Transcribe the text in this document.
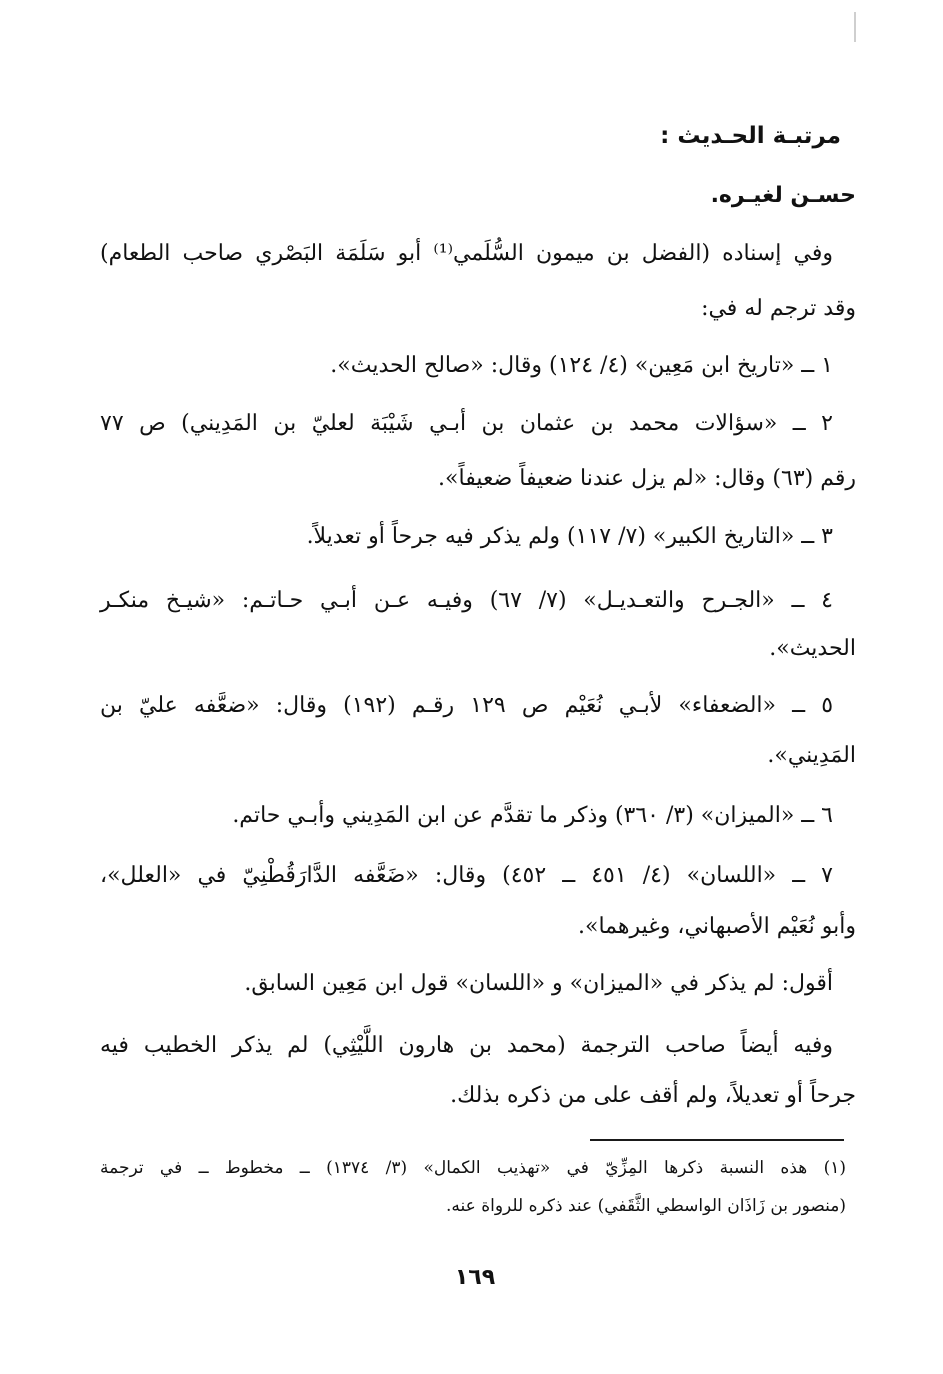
مرتبـة الحـديث :
حسـن لغيـره.
وفي إسناده (الفضل بن ميمون السُّلَمي⁽¹⁾ أبو سَلَمَة البَصْري صاحب الطعام)
وقد ترجم له في:
١ ــ «تاريخ ابن مَعِين» (٤/ ١٢٤) وقال: «صالح الحديث».
٢ ــ «سؤالات محمد بن عثمان بن أبـي شَيْبَة لعليّ بن المَدِيني) ص ٧٧
رقم (٦٣) وقال: «لم يزل عندنا ضعيفاً ضعيفاً».
٣ ــ «التاريخ الكبير» (٧/ ١١٧) ولم يذكر فيه جرحاً أو تعديلاً.
٤ ــ «الجـرح والتعـديـل» (٧/ ٦٧) وفيـه عـن أبـي حـاتـم: «شيـخ منكـر
الحديث».
٥ ــ «الضعفاء» لأبـي نُعَيْم ص ١٢٩ رقـم (١٩٢) وقال: «ضعَّفه عليّ بن
المَدِيني».
٦ ــ «الميزان» (٣/ ٣٦٠) وذكر ما تقدَّم عن ابن المَدِيني وأبـي حاتم.
٧ ــ «اللسان» (٤/ ٤٥١ ــ ٤٥٢) وقال: «ضَعَّفه الدَّارَقُطْنِيّ في «العلل»،
وأبو نُعَيْم الأصبهاني، وغيرهما».
أقول: لم يذكر في «الميزان» و «اللسان» قول ابن مَعِين السابق.
وفيه أيضاً صاحب الترجمة (محمد بن هارون اللَّيْثِي) لم يذكر الخطيب فيه
جرحاً أو تعديلاً، ولم أقف على من ذكره بذلك.
(١) هذه النسبة ذكرها المِزِّيّ في «تهذيب الكمال» (٣/ ١٣٧٤) ــ مخطوط ــ في ترجمة
(منصور بن زَاذَان الواسطي الثَّقَفي) عند ذكره للرواة عنه.
١٦٩
